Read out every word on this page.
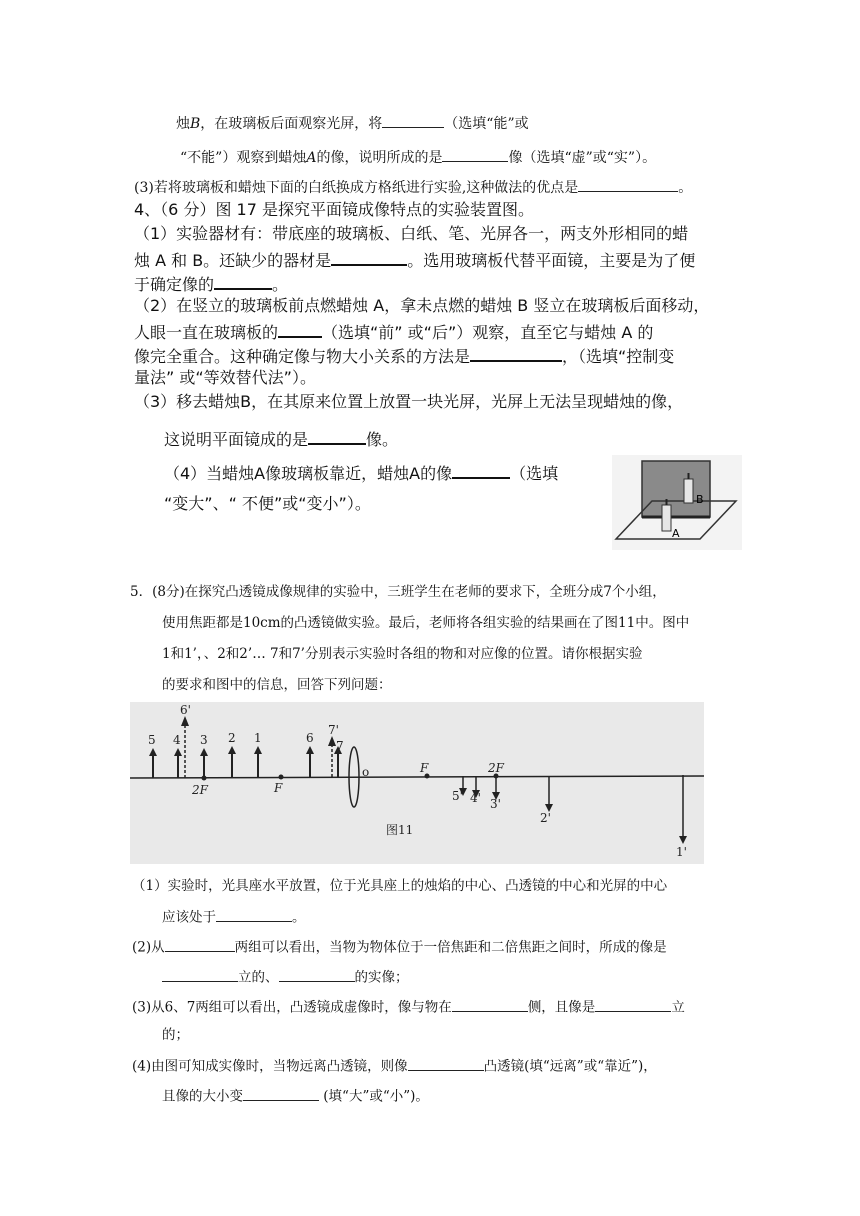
烛B，在玻璃板后面观察光屏，将	（选填“能”或
“不能”）观察到蜡烛A的像，说明所成的是	像（选填“虚”或“实”）。
(3)若将玻璃板和蜡烛下面的白纸换成方格纸进行实验,这种做法的优点是	。
4、（6 分）图 17 是探究平面镜成像特点的实验装置图。
（1）实验器材有：带底座的玻璃板、白纸、笔、光屏各一，两支外形相同的蜡
烛 A 和 B。还缺少的器材是	。选用玻璃板代替平面镜，主要是为了便
于确定像的	。
（2）在竖立的玻璃板前点燃蜡烛 A，拿未点燃的蜡烛 B 竖立在玻璃板后面移动，
人眼一直在玻璃板的	（选填“前” 或“后”）观察，直至它与蜡烛 A 的
像完全重合。这种确定像与物大小关系的方法是	，（选填“控制变
量法” 或“等效替代法”）。
（3）移去蜡烛B，在其原来位置上放置一块光屏，光屏上无法呈现蜡烛的像，
这说明平面镜成的是	像。
（4）当蜡烛A像玻璃板靠近，蜡烛A的像	（选填
“变大”、“ 不便”或“变小”）。
A
B
5．(8分)在探究凸透镜成像规律的实验中，三班学生在老师的要求下，全班分成7个小组，
使用焦距都是10cm的凸透镜做实验。最后，老师将各组实验的结果画在了图11中。图中
1和1’，、2和2’… 7和7’分别表示实验时各组的物和对应像的位置。请你根据实验
的要求和图中的信息，回答下列问题：
5 4 3 2 1	6
7
6'
7'
5' 4' 3'
2'
1'
2F	F
o	F	2F
图11
（1）实验时，光具座水平放置，位于光具座上的烛焰的中心、凸透镜的中心和光屏的中心
应该处于	。
(2)从	两组可以看出，当物为物体位于一倍焦距和二倍焦距之间时，所成的像是
立的、	的实像；
(3)从6、7两组可以看出，凸透镜成虚像时，像与物在	侧，且像是	立
的；
(4)由图可知成实像时，当物远离凸透镜，则像	凸透镜(填“远离”或“靠近”)，
且像的大小变	(填“大”或“小”)。
